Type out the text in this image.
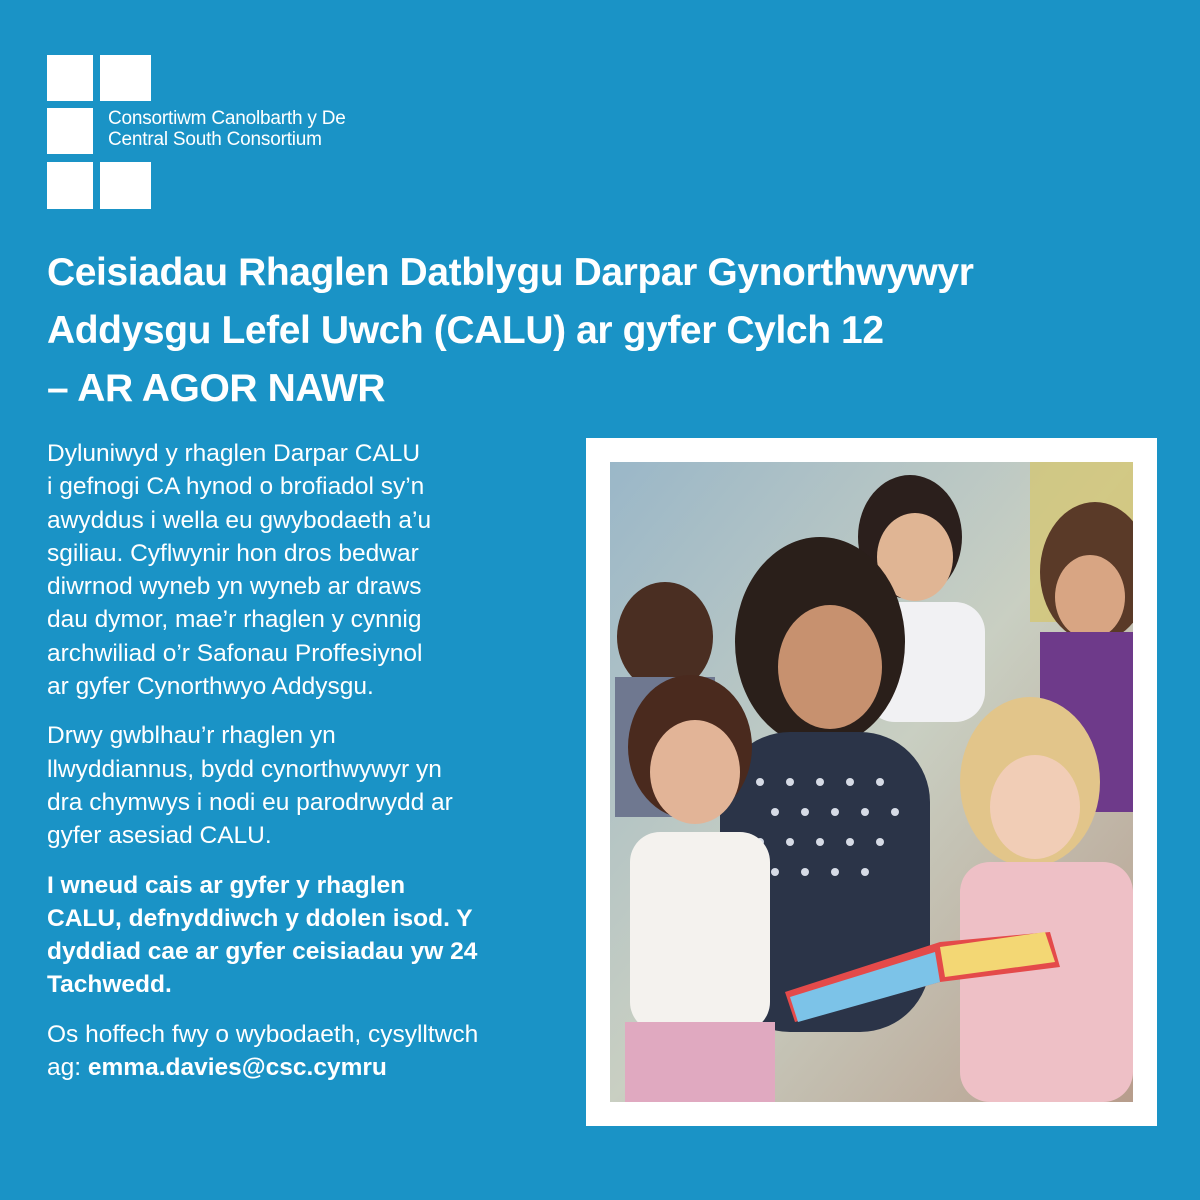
Consortiwm Canolbarth y De
Central South Consortium
Ceisiadau Rhaglen Datblygu Darpar Gynorthwywyr
Addysgu Lefel Uwch (CALU) ar gyfer Cylch 12
– AR AGOR NAWR

Dyluniwyd y rhaglen Darpar CALU
i gefnogi CA hynod o brofiadol sy’n
awyddus i wella eu gwybodaeth a’u
sgiliau. Cyflwynir hon dros bedwar
diwrnod wyneb yn wyneb ar draws
dau dymor, mae’r rhaglen y cynnig
archwiliad o’r Safonau Proffesiynol
ar gyfer Cynorthwyo Addysgu.

Drwy gwblhau’r rhaglen yn
llwyddiannus, bydd cynorthwywyr yn
dra chymwys i nodi eu parodrwydd ar
gyfer asesiad CALU.

I wneud cais ar gyfer y rhaglen
CALU, defnyddiwch y ddolen isod. Y
dyddiad cae ar gyfer ceisiadau yw 24
Tachwedd.

Os hoffech fwy o wybodaeth, cysylltwch
ag: emma.davies@csc.cymru
